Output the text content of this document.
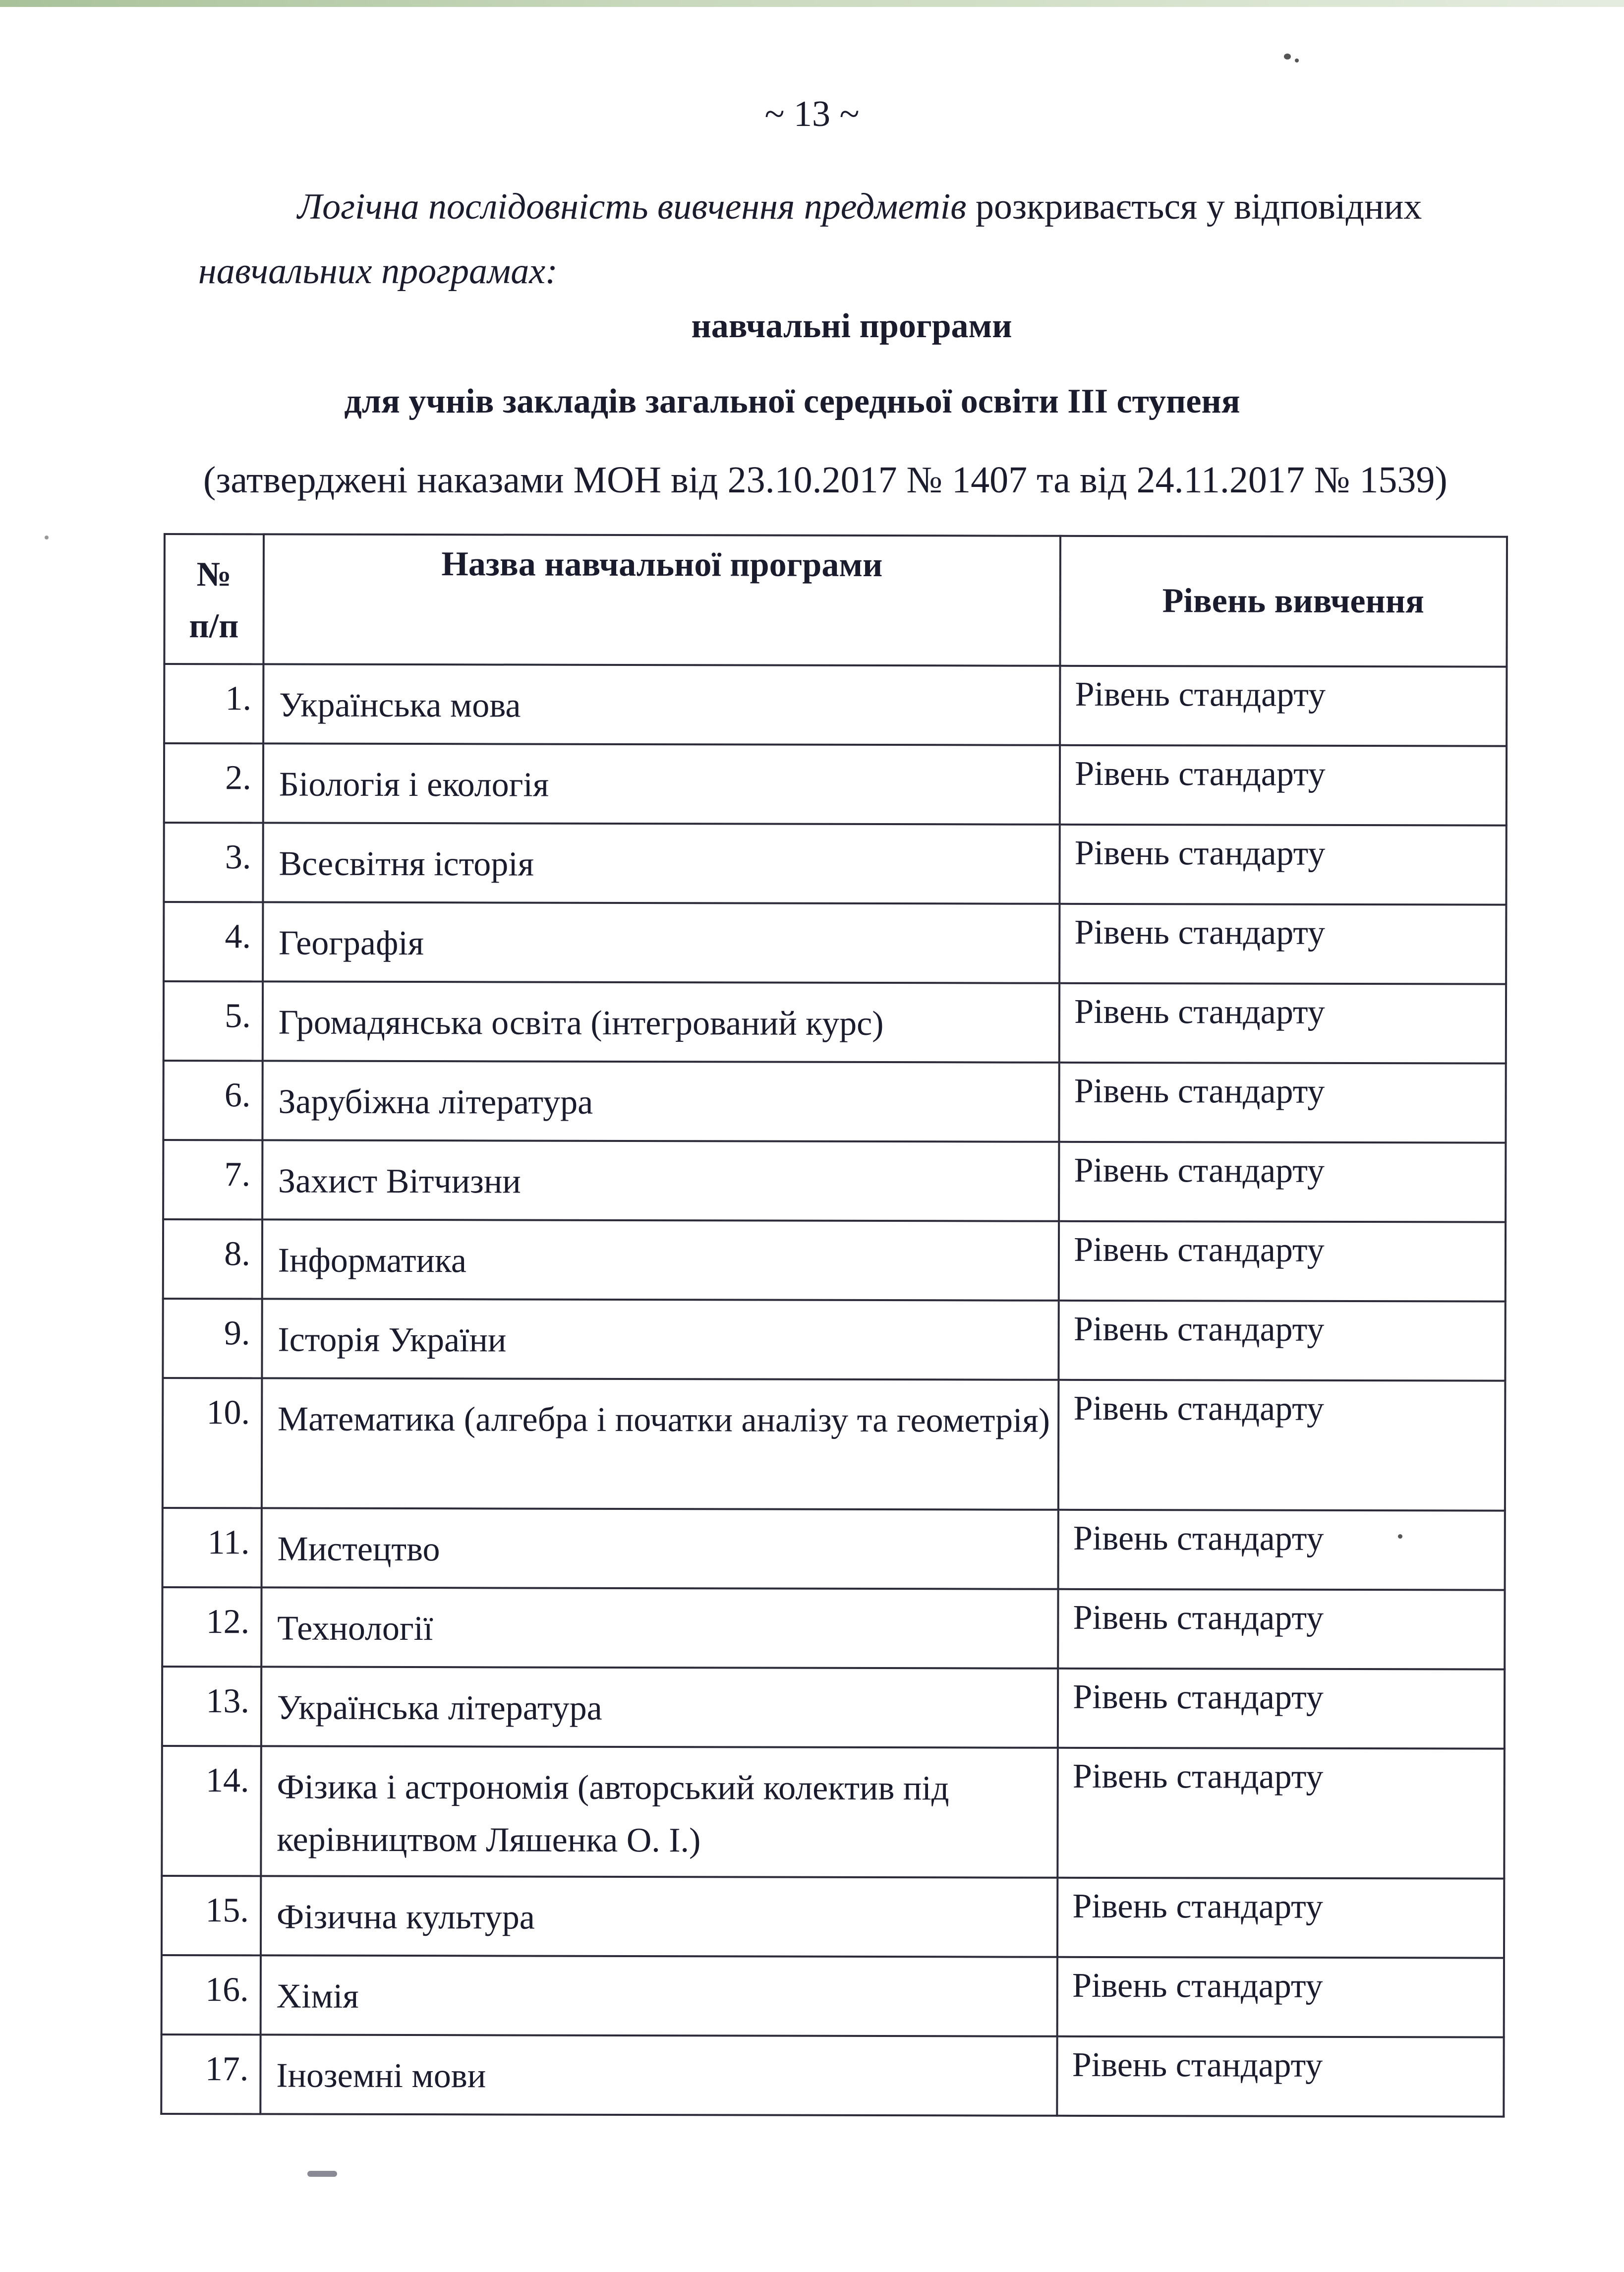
~ 13 ~
Логічна послідовність вивчення предметів розкривається у відповідних
навчальних програмах:
навчальні програми
для учнів закладів загальної середньої освіти ІІІ ступеня
(затверджені наказами МОН від 23.10.2017 № 1407 та від 24.11.2017 № 1539)
№
п/п	Назва навчальної програми	Рівень вивчення
1.	Українська мова	Рівень стандарту
2.	Біологія і екологія	Рівень стандарту
3.	Всесвітня історія	Рівень стандарту
4.	Географія	Рівень стандарту
5.	Громадянська освіта (інтегрований курс)	Рівень стандарту
6.	Зарубіжна література	Рівень стандарту
7.	Захист Вітчизни	Рівень стандарту
8.	Інформатика	Рівень стандарту
9.	Історія України	Рівень стандарту
10.	Математика (алгебра і початки аналізу та геометрія)	Рівень стандарту
11.	Мистецтво	Рівень стандарту
12.	Технології	Рівень стандарту
13.	Українська література	Рівень стандарту
14.	Фізика і астрономія (авторський колектив під керівництвом Ляшенка О. І.)	Рівень стандарту
15.	Фізична культура	Рівень стандарту
16.	Хімія	Рівень стандарту
17.	Іноземні мови	Рівень стандарту
